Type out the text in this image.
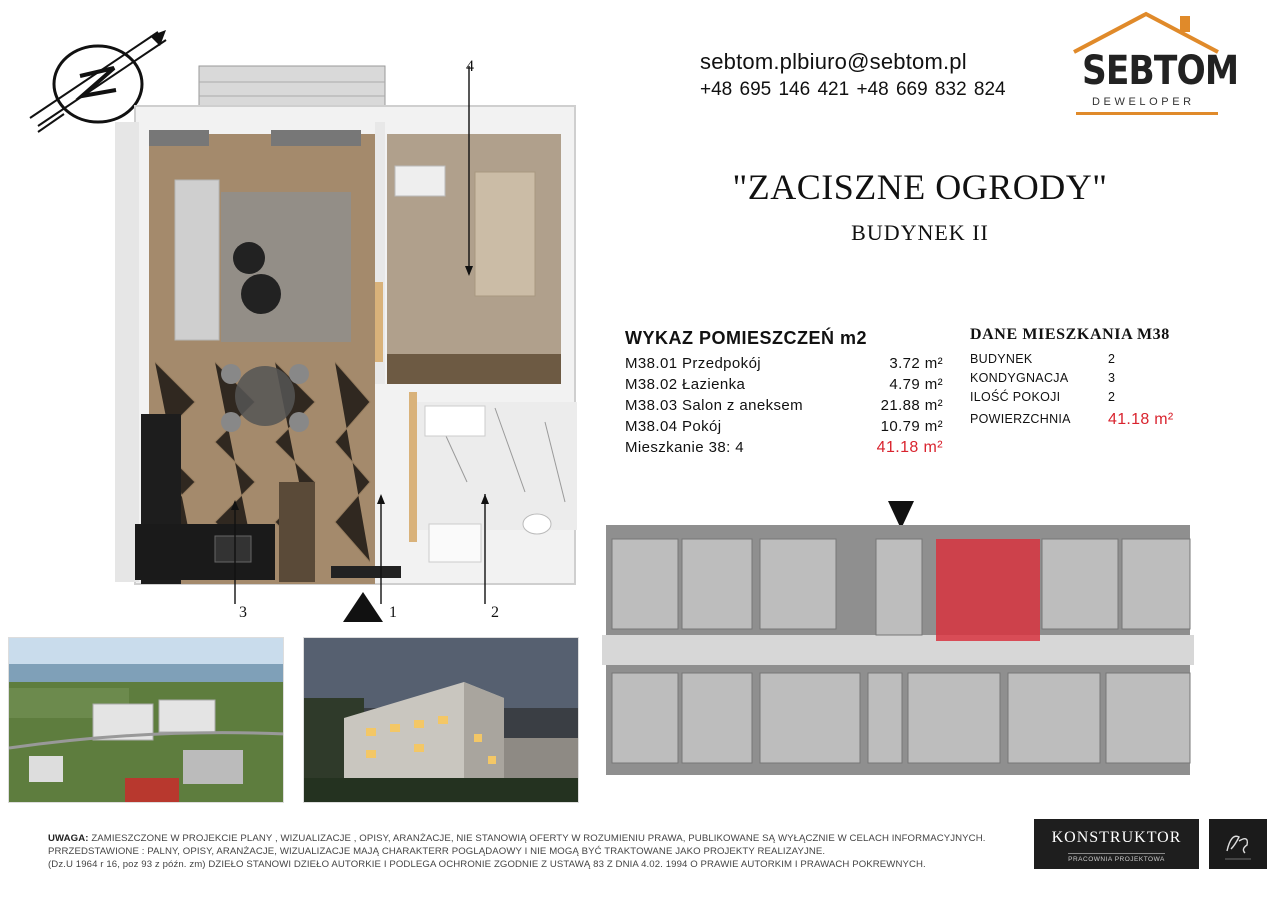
4
1	2
3
sebtom.plbiuro@sebtom.pl
+48 695 146 421 +48 669 832 824	SEBTOM
DEWELOPER
"ZACISZNE OGRODY"
BUDYNEK II
WYKAZ POMIESZCZEŃ m2
M38.01 Przedpokój	3.72 m²
M38.02 Łazienka	4.79 m²
M38.03 Salon z aneksem	21.88 m²
M38.04 Pokój	10.79 m²
Mieszkanie 38: 4	41.18 m²
DANE MIESZKANIA M38
BUDYNEK	2
KONDYGNACJA	3
ILOŚĆ POKOJI	2
POWIERZCHNIA	41.18 m²
UWAGA: ZAMIESZCZONE W PROJEKCIE PLANY , WIZUALIZACJE , OPISY, ARANŻACJE, NIE STANOWIĄ OFERTY W ROZUMIENIU PRAWA, PUBLIKOWANE SĄ WYŁĄCZNIE W CELACH INFORMACYJNYCH.
PRRZEDSTAWIONE : PALNY, OPISY, ARANŻACJE, WIZUALIZACJE MAJĄ CHARAKTERR POGLĄDAOWY I NIE MOGĄ BYĆ TRAKTOWANE JAKO PROJEKTY REALIZAYJNE.
(Dz.U 1964 r 16, poz 93 z późn. zm) DZIEŁO STANOWI DZIEŁO AUTORKIE I PODLEGA OCHRONIE ZGODNIE Z USTAWĄ 83 Z DNIA 4.02. 1994 O PRAWIE AUTORKIM I PRAWACH POKREWNYCH.
KONSTRUKTOR
PRACOWNIA PROJEKTOWA
